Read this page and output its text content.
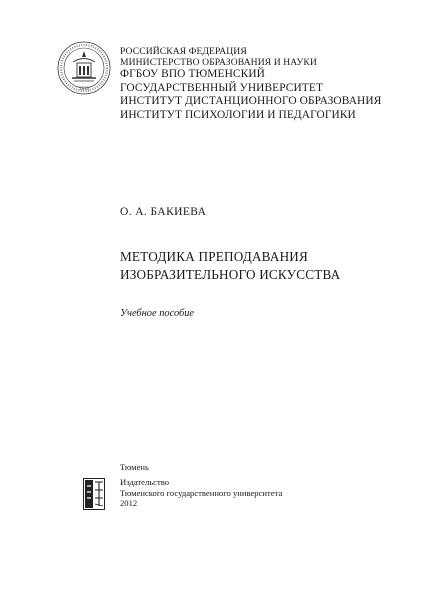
1930
РОССИЙСКАЯ ФЕДЕРАЦИЯ
МИНИСТЕРСТВО ОБРАЗОВАНИЯ И НАУКИ
ФГБОУ ВПО ТЮМЕНСКИЙ
ГОСУДАРСТВЕННЫЙ УНИВЕРСИТЕТ
ИНСТИТУТ ДИСТАНЦИОННОГО ОБРАЗОВАНИЯ
ИНСТИТУТ ПСИХОЛОГИИ И ПЕДАГОГИКИ
О. А. БАКИЕВА
МЕТОДИКА ПРЕПОДАВАНИЯ
ИЗОБРАЗИТЕЛЬНОГО ИСКУССТВА
Учебное пособие
Тюмень
Издательство
Тюменского государственного университета
2012
